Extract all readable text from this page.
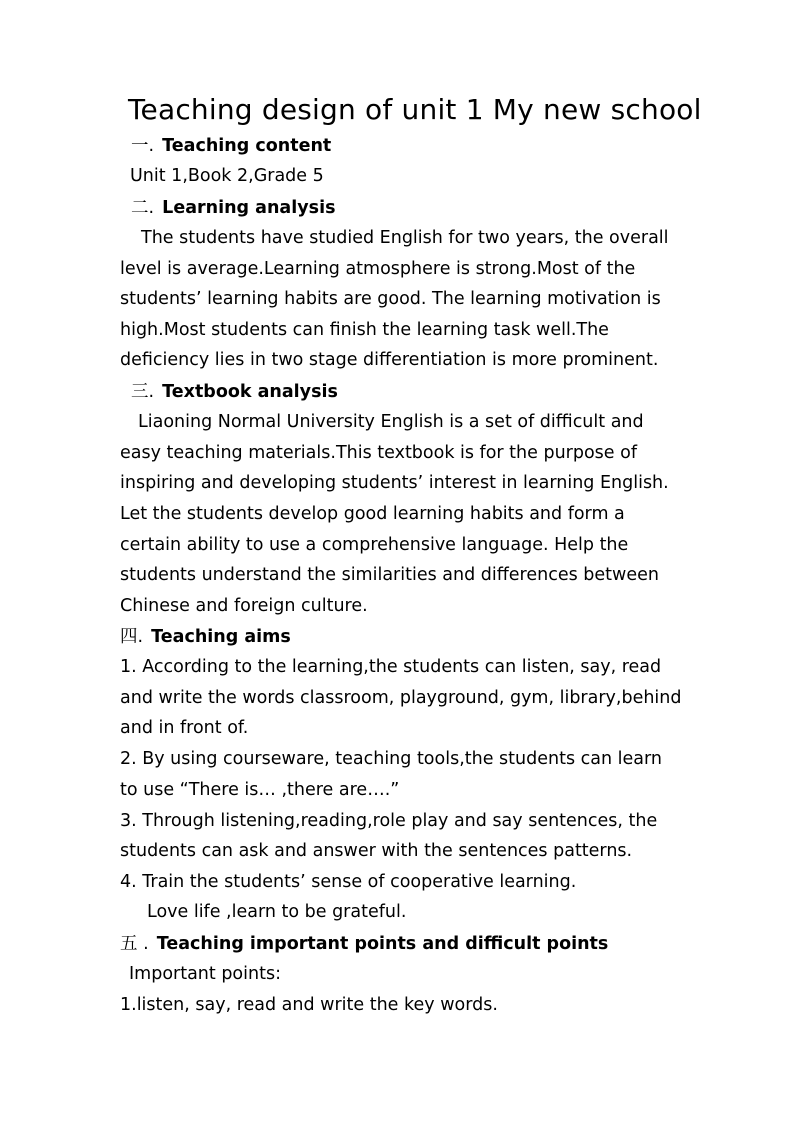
Teaching design of unit 1 My new school
一. Teaching content
Unit 1,Book 2,Grade 5
二. Learning analysis
The students have studied English for two years, the overall
level is average.Learning atmosphere is strong.Most of the
students’ learning habits are good. The learning motivation is
high.Most students can finish the learning task well.The
deficiency lies in two stage differentiation is more prominent.
三. Textbook analysis
Liaoning Normal University English is a set of difficult and
easy teaching materials.This textbook is for the purpose of
inspiring and developing students’ interest in learning English.
Let the students develop good learning habits and form a
certain ability to use a comprehensive language. Help the
students understand the similarities and differences between
Chinese and foreign culture.
四. Teaching aims
1. According to the learning,the students can listen, say, read
and write the words classroom, playground, gym, library,behind
and in front of.
2. By using courseware, teaching tools,the students can learn
to use “There is… ,there are….”
3. Through listening,reading,role play and say sentences, the
students can ask and answer with the sentences patterns.
4. Train the students’ sense of cooperative learning.
Love life ,learn to be grateful.
五 . Teaching important points and difficult points
Important points:
1.listen, say, read and write the key words.
